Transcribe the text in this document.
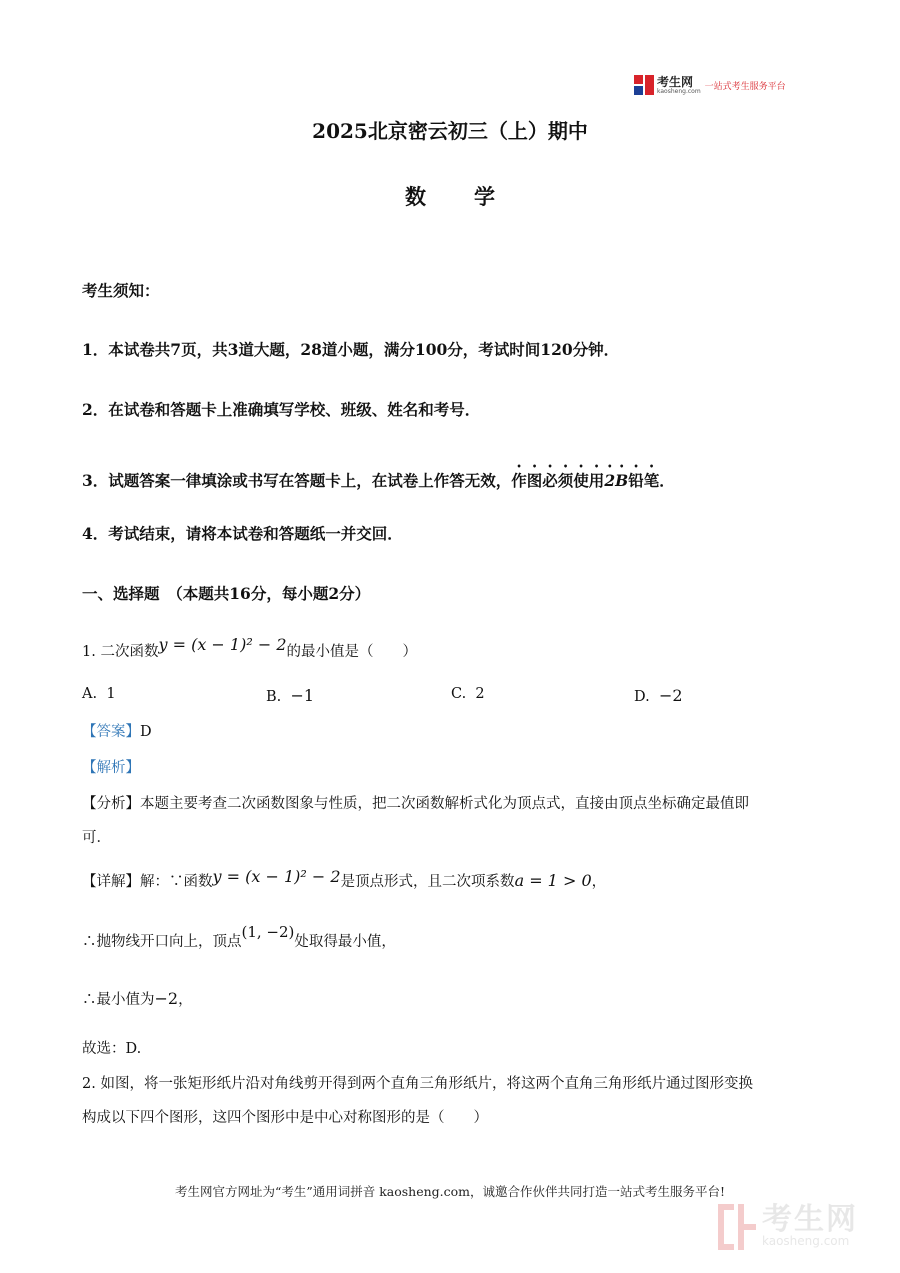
考生网
kaosheng.com 一站式考生服务平台
2025北京密云初三（上）期中
数学
考生须知：
1．本试卷共7页，共3道大题，28道小题，满分100分，考试时间120分钟．
2．在试卷和答题卡上准确填写学校、班级、姓名和考号．
3．试题答案一律填涂或书写在答题卡上，在试卷上作答无效，作图必须使用2B铅笔．
4．考试结束，请将本试卷和答题纸一并交回．
一、选择题　（本题共16分，每小题2分）
1. 二次函数y = (x − 1)² − 2的最小值是（　　）
A. 1	B. −1	C. 2	D. −2
【答案】D
【解析】
【分析】本题主要考查二次函数图象与性质，把二次函数解析式化为顶点式，直接由顶点坐标确定最值即
可．
【详解】解：∵函数y = (x − 1)² − 2是顶点形式，且二次项系数a = 1 > 0，
∴抛物线开口向上，顶点(1, −2)处取得最小值，
∴最小值为−2，
故选：D.
2. 如图，将一张矩形纸片沿对角线剪开得到两个直角三角形纸片，将这两个直角三角形纸片通过图形变换
构成以下四个图形，这四个图形中是中心对称图形的是（　　）
考生网官方网址为“考生”通用词拼音 kaosheng.com，诚邀合作伙伴共同打造一站式考生服务平台!
考生网
kaosheng.com
